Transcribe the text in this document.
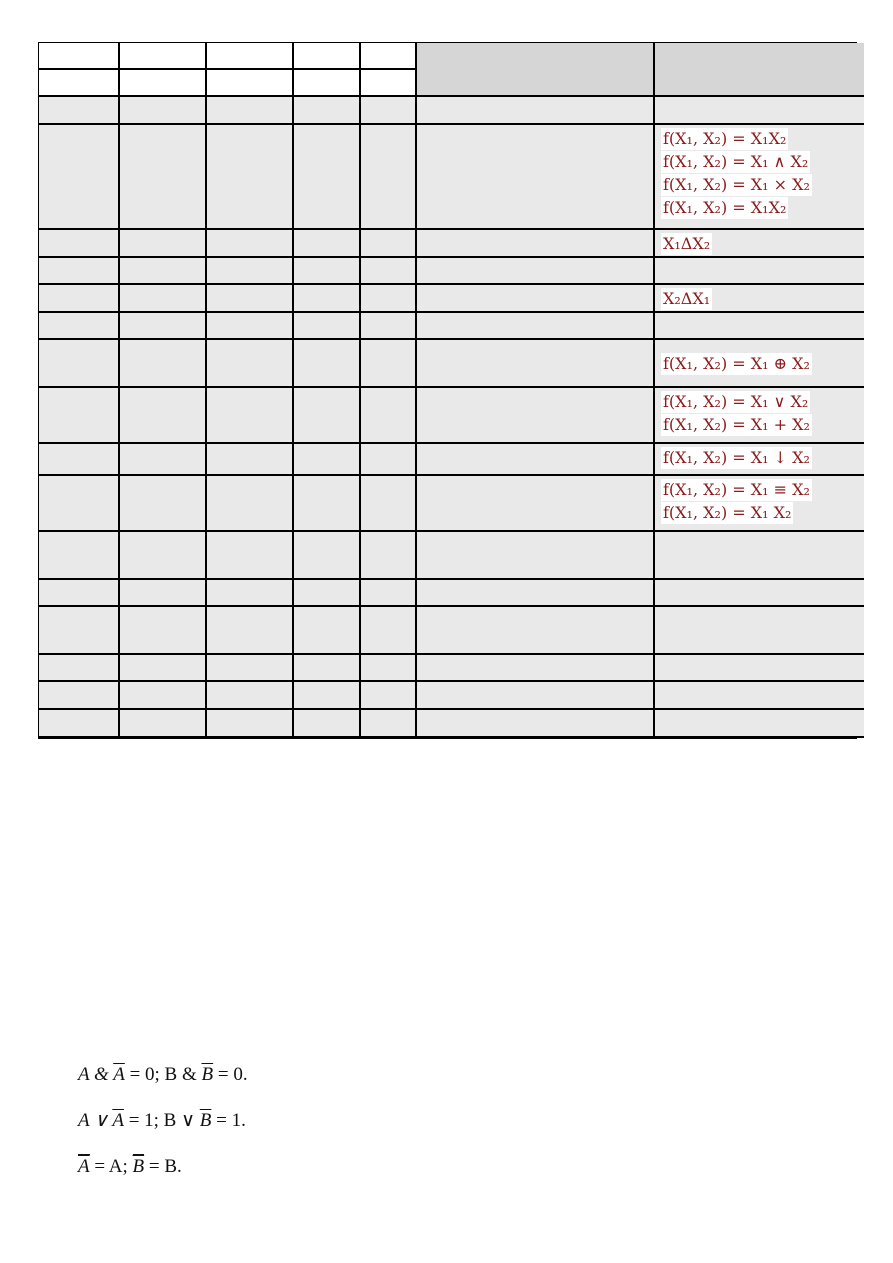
f(X₁, X₂) = X₁X₂
f(X₁, X₂) = X₁ ∧ X₂
f(X₁, X₂) = X₁ × X₂
f(X₁, X₂) = X₁X₂
X₁ΔX₂
X₂ΔX₁
f(X₁, X₂) = X₁ ⊕ X₂
f(X₁, X₂) = X₁ ∨ X₂
f(X₁, X₂) = X₁ + X₂
f(X₁, X₂) = X₁ ↓ X₂
f(X₁, X₂) = X₁ ≡ X₂
f(X₁, X₂) = X₁ X₂
A & $\overline{A} = 0$; B & $\overline{B} = 0$.
A ∨ $\overline{A} = 1$; B ∨ $\overline{B} = 1$.
$\overline{A} = A$; $\overline{B} = B$.
